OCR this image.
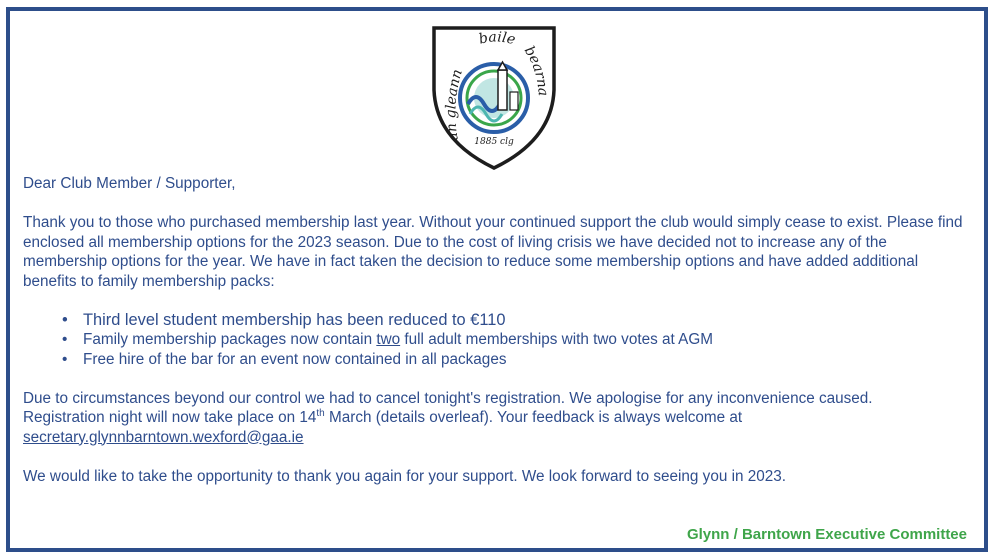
an gleann
baile
bearna
1885 clg

Dear Club Member / Supporter,

Thank you to those who purchased membership last year. Without your continued support the club would simply cease to exist. Please find enclosed all membership options for the 2023 season. Due to the cost of living crisis we have decided not to increase any of the membership options for the year. We have in fact taken the decision to reduce some membership options and have added additional benefits to family membership packs:

• Third level student membership has been reduced to €110
• Family membership packages now contain two full adult memberships with two votes at AGM
• Free hire of the bar for an event now contained in all packages

Due to circumstances beyond our control we had to cancel tonight's registration. We apologise for any inconvenience caused.
Registration night will now take place on 14th March (details overleaf). Your feedback is always welcome at
secretary.glynnbarntown.wexford@gaa.ie

We would like to take the opportunity to thank you again for your support. We look forward to seeing you in 2023.

Glynn / Barntown Executive Committee
